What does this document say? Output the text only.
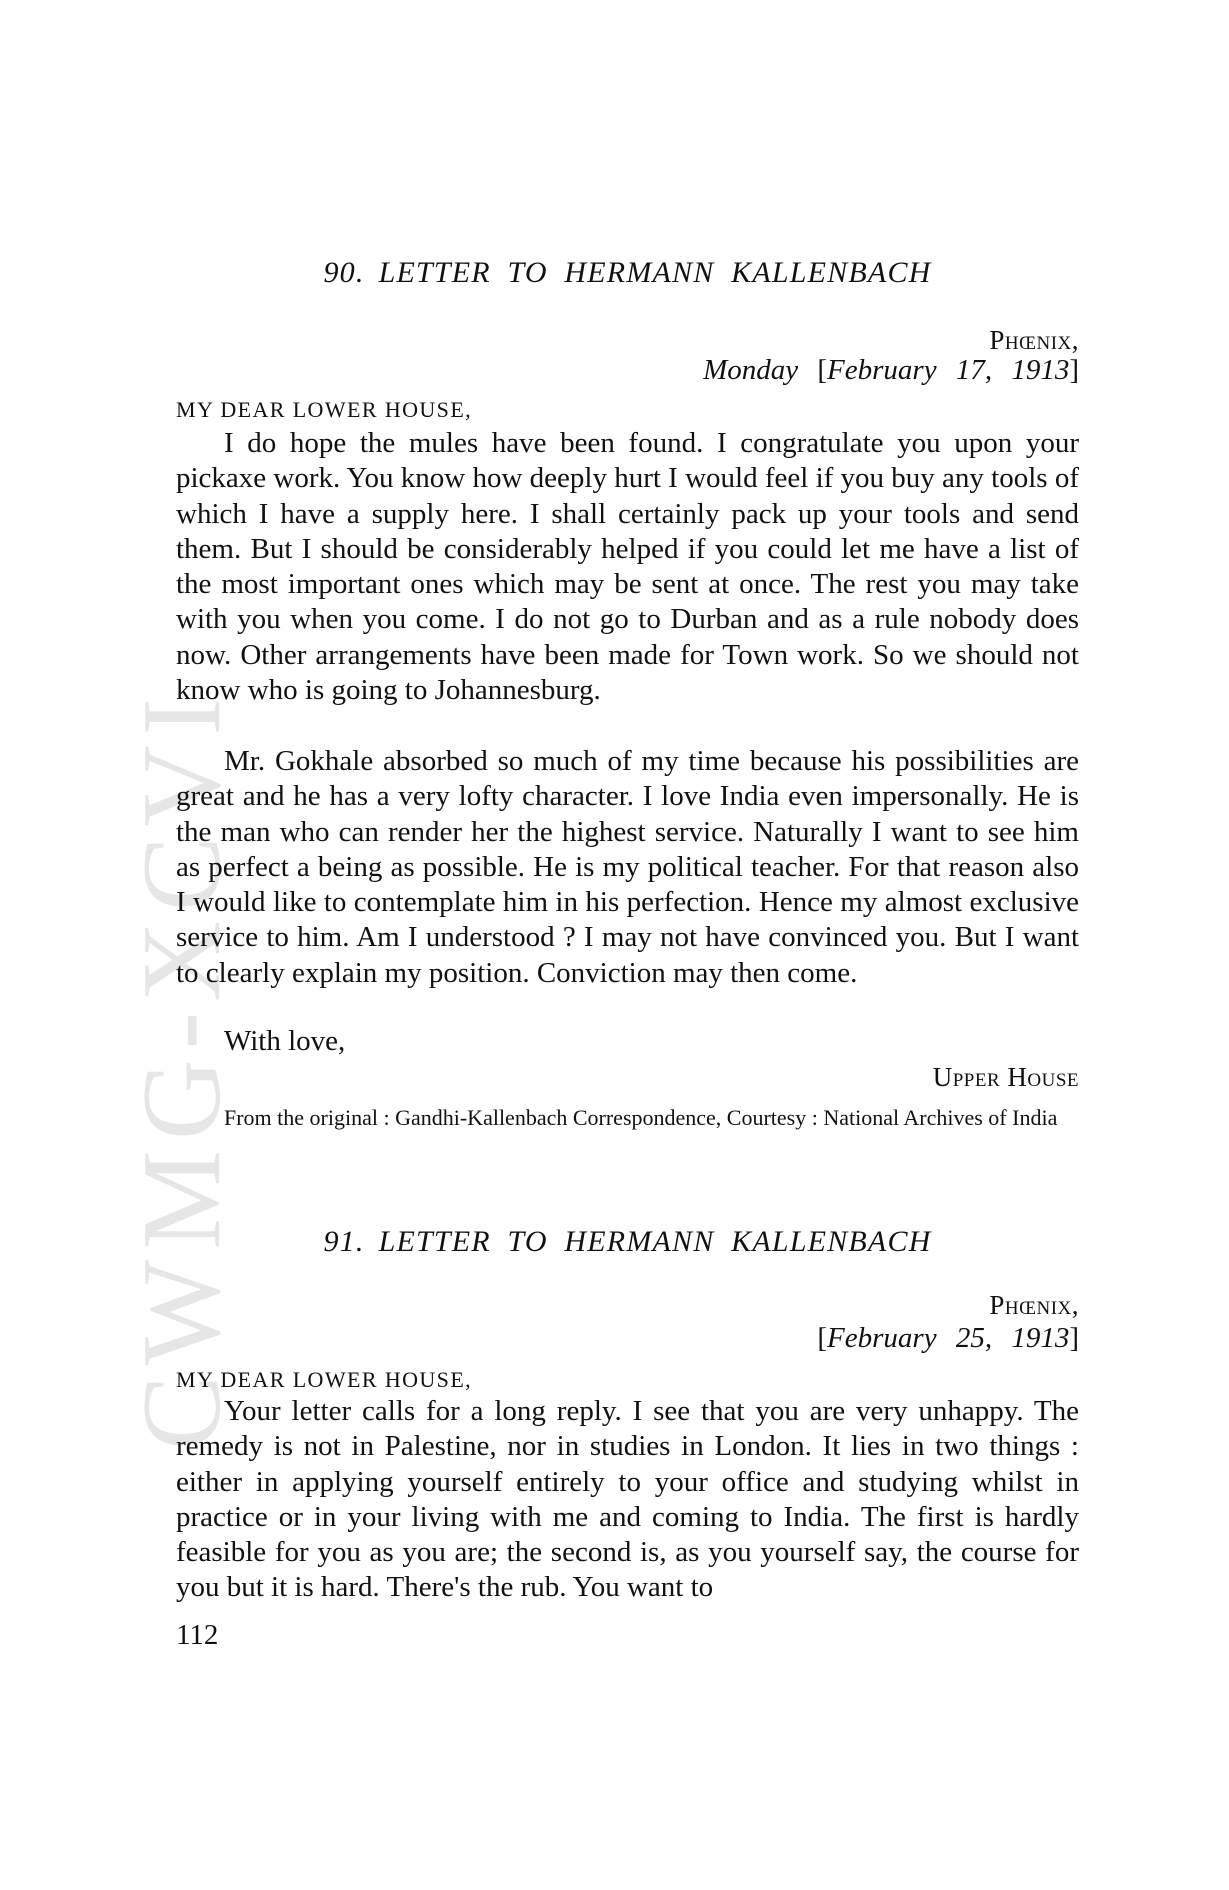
CWMG-XCVI
90. LETTER TO HERMANN KALLENBACH
Phœnix,
Monday [February 17, 1913]
MY DEAR LOWER HOUSE,

I do hope the mules have been found. I congratulate you upon your pickaxe work. You know how deeply hurt I would feel if you buy any tools of which I have a supply here. I shall certainly pack up your tools and send them. But I should be considerably helped if you could let me have a list of the most important ones which may be sent at once. The rest you may take with you when you come. I do not go to Durban and as a rule nobody does now. Other arrangements have been made for Town work. So we should not know who is going to Johannesburg.

Mr. Gokhale absorbed so much of my time because his possibilities are great and he has a very lofty character. I love India even impersonally. He is the man who can render her the highest service. Naturally I want to see him as perfect a being as possible. He is my political teacher. For that reason also I would like to contemplate him in his perfection. Hence my almost exclusive service to him. Am I understood ? I may not have convinced you. But I want to clearly explain my position. Conviction may then come.

With love,

Upper House

From the original : Gandhi-Kallenbach Correspondence, Courtesy : National Archives of India

91. LETTER TO HERMANN KALLENBACH
Phœnix,
[February 25, 1913]
MY DEAR LOWER HOUSE,

Your letter calls for a long reply. I see that you are very unhappy. The remedy is not in Palestine, nor in studies in London. It lies in two things : either in applying yourself entirely to your office and studying whilst in practice or in your living with me and coming to India. The first is hardly feasible for you as you are; the second is, as you yourself say, the course for you but it is hard. There's the rub. You want to

112
